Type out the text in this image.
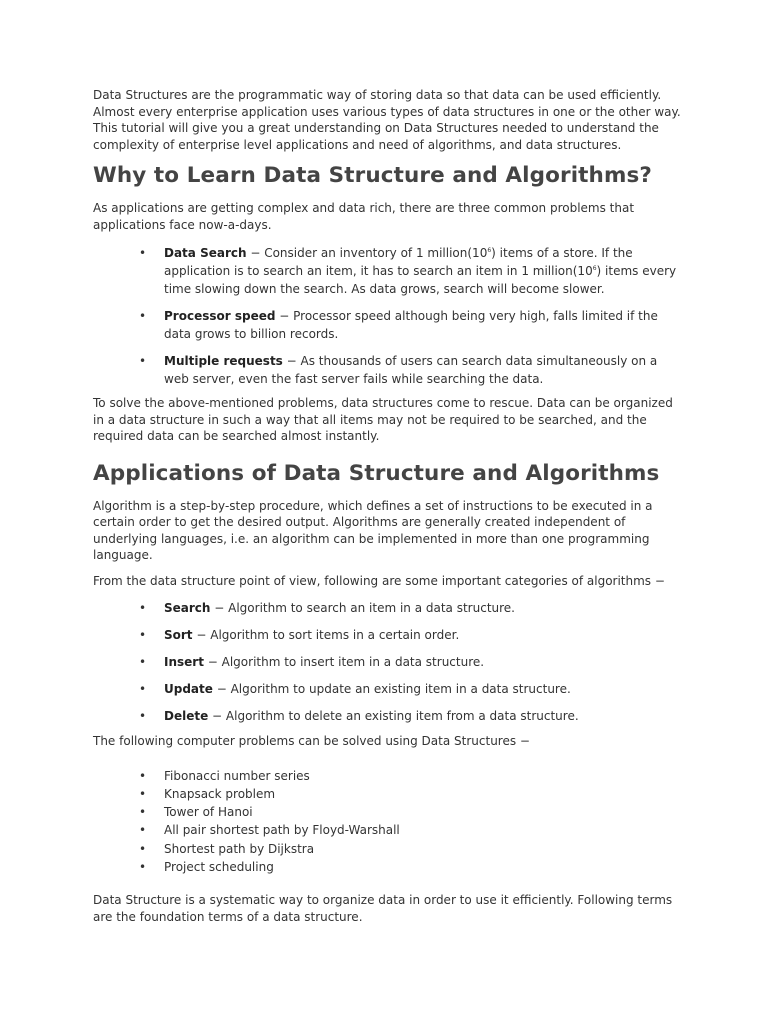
Data Structures are the programmatic way of storing data so that data can be used efficiently. Almost every enterprise application uses various types of data structures in one or the other way. This tutorial will give you a great understanding on Data Structures needed to understand the complexity of enterprise level applications and need of algorithms, and data structures.

Why to Learn Data Structure and Algorithms?

As applications are getting complex and data rich, there are three common problems that applications face now-a-days.

• Data Search − Consider an inventory of 1 $million(10^6)$ items of a store. If the application is to search an item, it has to search an item in 1 $million(10^6)$ items every time slowing down the search. As data grows, search will become slower.
• Processor speed − Processor speed although being very high, falls limited if the data grows to billion records.
• Multiple requests − As thousands of users can search data simultaneously on a web server, even the fast server fails while searching the data.

To solve the above-mentioned problems, data structures come to rescue. Data can be organized in a data structure in such a way that all items may not be required to be searched, and the required data can be searched almost instantly.

Applications of Data Structure and Algorithms

Algorithm is a step-by-step procedure, which defines a set of instructions to be executed in a certain order to get the desired output. Algorithms are generally created independent of underlying languages, i.e. an algorithm can be implemented in more than one programming language.

From the data structure point of view, following are some important categories of algorithms −

• Search − Algorithm to search an item in a data structure.
• Sort − Algorithm to sort items in a certain order.
• Insert − Algorithm to insert item in a data structure.
• Update − Algorithm to update an existing item in a data structure.
• Delete − Algorithm to delete an existing item from a data structure.

The following computer problems can be solved using Data Structures −

• Fibonacci number series
• Knapsack problem
• Tower of Hanoi
• All pair shortest path by Floyd-Warshall
• Shortest path by Dijkstra
• Project scheduling

Data Structure is a systematic way to organize data in order to use it efficiently. Following terms are the foundation terms of a data structure.
